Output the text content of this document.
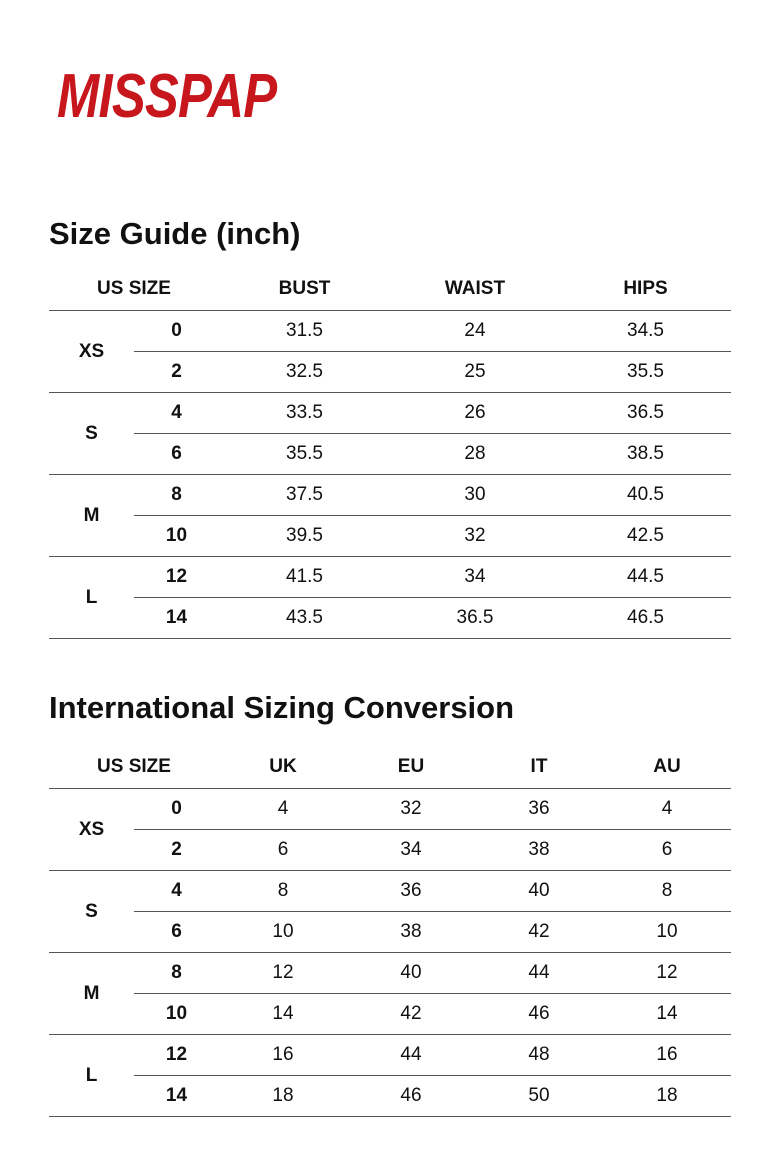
MISSPAP
Size Guide (inch)
US SIZE		BUST	WAIST	HIPS
XS	0	31.5	24	34.5
	2	32.5	25	35.5
S	4	33.5	26	36.5
	6	35.5	28	38.5
M	8	37.5	30	40.5
	10	39.5	32	42.5
L	12	41.5	34	44.5
	14	43.5	36.5	46.5
International Sizing Conversion
US SIZE		UK	EU	IT	AU
XS	0	4	32	36	4
	2	6	34	38	6
S	4	8	36	40	8
	6	10	38	42	10
M	8	12	40	44	12
	10	14	42	46	14
L	12	16	44	48	16
	14	18	46	50	18
